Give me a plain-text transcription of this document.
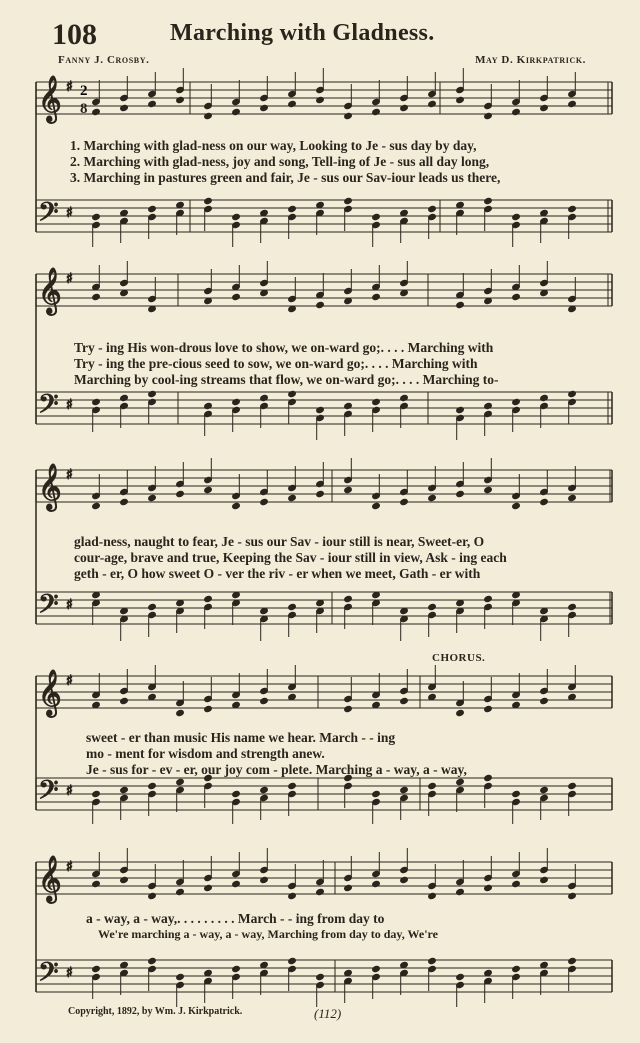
108	Marching with Gladness.
Fanny J. Crosby.	May D. Kirkpatrick.
𝄞 ♯
𝄢 ♯
𝄞 ♯
𝄢 ♯
𝄞 ♯
𝄢 ♯
𝄞 ♯
𝄢 ♯
𝄞 ♯
𝄢 ♯
2
8
1. Marching with glad-ness on our way, Looking to Je - sus day by day,
2. Marching with glad-ness, joy and song, Tell-ing of Je - sus all day long,
3. Marching in pastures green and fair, Je - sus our Sav-iour leads us there,
Try - ing His won-drous love to show, we on-ward go;. . . . Marching with
Try - ing the pre-cious seed to sow, we on-ward go;. . . . Marching with
Marching by cool-ing streams that flow, we on-ward go;. . . . Marching to-
glad-ness, naught to fear, Je - sus our Sav - iour still is near, Sweet-er, O
cour-age, brave and true, Keeping the Sav - iour still in view, Ask - ing each
geth - er, O how sweet O - ver the riv - er when we meet, Gath - er with
CHORUS.
sweet - er than music His name we hear. March - - ing
mo - ment for wisdom and strength anew.
Je - sus for - ev - er, our joy com - plete. Marching a - way, a - way,
a - way, a - way,. . . . . . . . . March - - ing from day to
We're marching a - way, a - way, Marching from day to day, We're
Copyright, 1892, by Wm. J. Kirkpatrick.	(112)
